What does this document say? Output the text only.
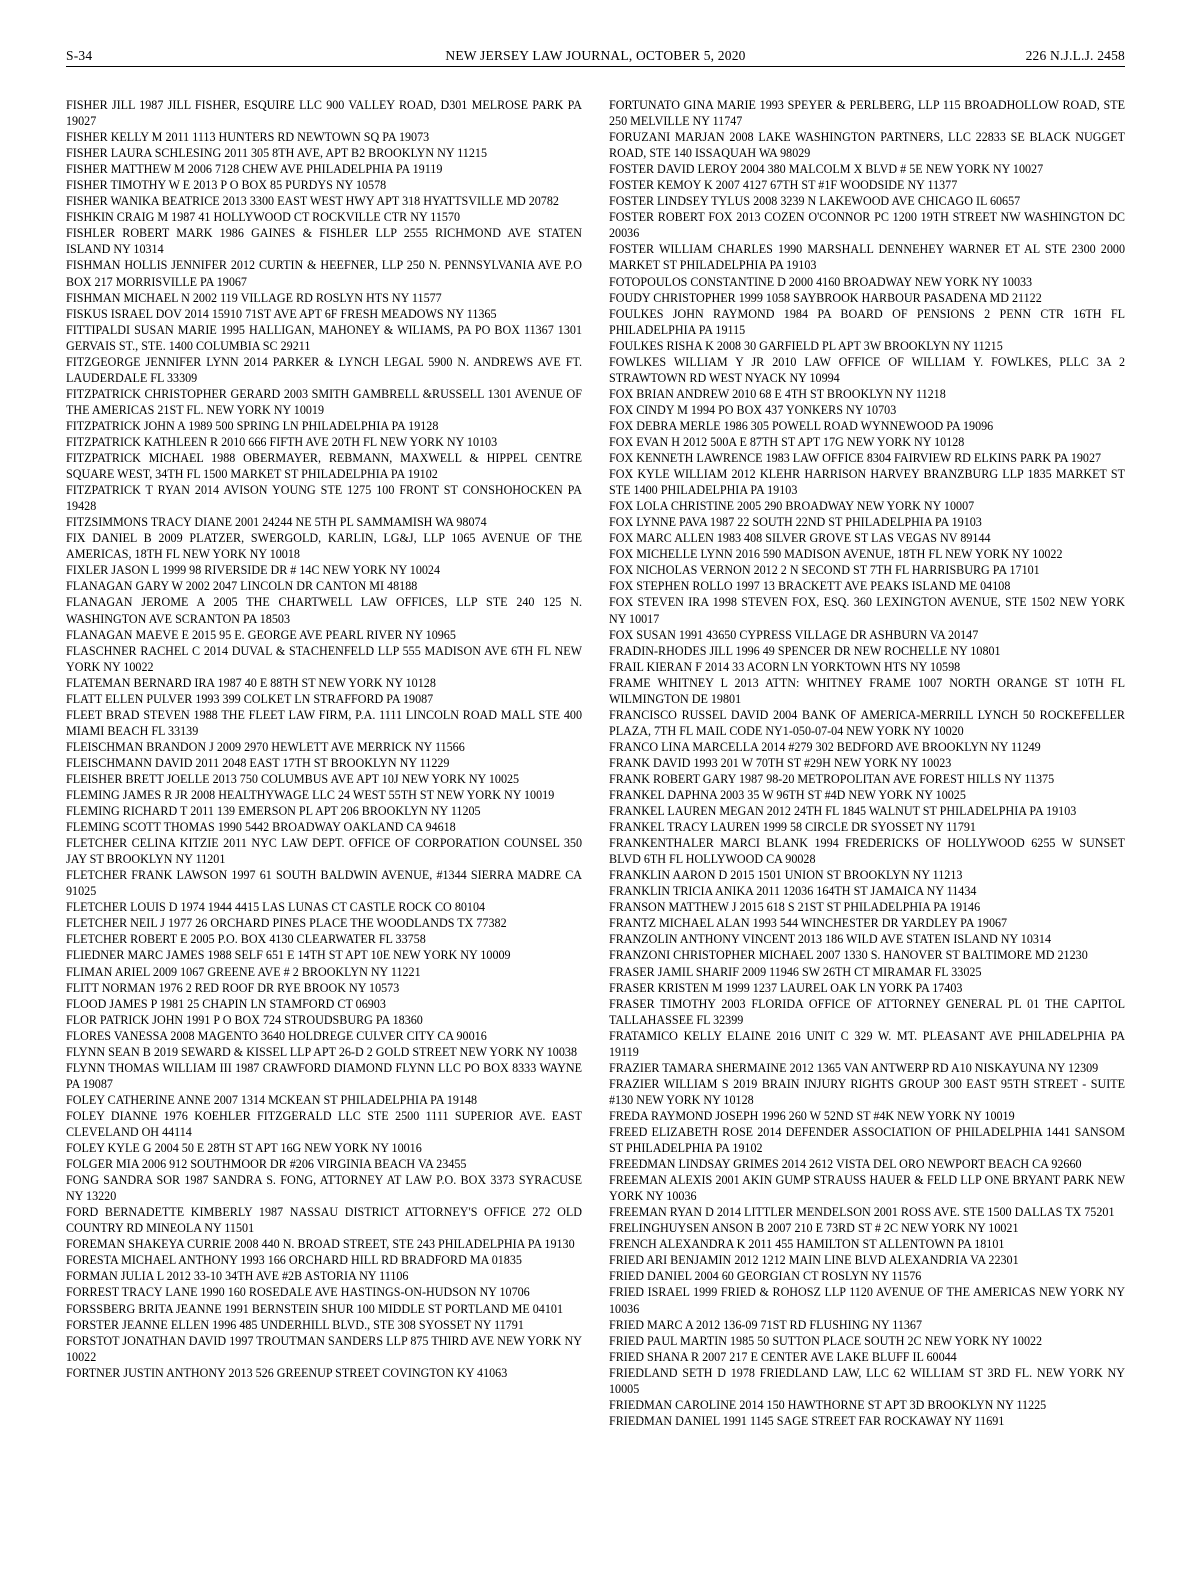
S-34	NEW JERSEY LAW JOURNAL, OCTOBER 5, 2020	226 N.J.L.J. 2458

FISHER JILL 1987 JILL FISHER, ESQUIRE LLC 900 VALLEY ROAD, D301 MELROSE PARK PA 19027

FISHER KELLY M 2011 1113 HUNTERS RD NEWTOWN SQ PA 19073

FISHER LAURA SCHLESING 2011 305 8TH AVE, APT B2 BROOKLYN NY 11215

FISHER MATTHEW M 2006 7128 CHEW AVE PHILADELPHIA PA 19119

FISHER TIMOTHY W E 2013 P O BOX 85 PURDYS NY 10578

FISHER WANIKA BEATRICE 2013 3300 EAST WEST HWY APT 318 HYATTSVILLE MD 20782

FISHKIN CRAIG M 1987 41 HOLLYWOOD CT ROCKVILLE CTR NY 11570

FISHLER ROBERT MARK 1986 GAINES & FISHLER LLP 2555 RICHMOND AVE STATEN ISLAND NY 10314

FISHMAN HOLLIS JENNIFER 2012 CURTIN & HEEFNER, LLP 250 N. PENNSYLVANIA AVE P.O BOX 217 MORRISVILLE PA 19067

FISHMAN MICHAEL N 2002 119 VILLAGE RD ROSLYN HTS NY 11577

FISKUS ISRAEL DOV 2014 15910 71ST AVE APT 6F FRESH MEADOWS NY 11365

FITTIPALDI SUSAN MARIE 1995 HALLIGAN, MAHONEY & WILIAMS, PA PO BOX 11367 1301 GERVAIS ST., STE. 1400 COLUMBIA SC 29211

FITZGEORGE JENNIFER LYNN 2014 PARKER & LYNCH LEGAL 5900 N. ANDREWS AVE FT. LAUDERDALE FL 33309

FITZPATRICK CHRISTOPHER GERARD 2003 SMITH GAMBRELL &RUSSELL 1301 AVENUE OF THE AMERICAS 21ST FL. NEW YORK NY 10019

FITZPATRICK JOHN A 1989 500 SPRING LN PHILADELPHIA PA 19128

FITZPATRICK KATHLEEN R 2010 666 FIFTH AVE 20TH FL NEW YORK NY 10103

FITZPATRICK MICHAEL 1988 OBERMAYER, REBMANN, MAXWELL & HIPPEL CENTRE SQUARE WEST, 34TH FL 1500 MARKET ST PHILADELPHIA PA 19102

FITZPATRICK T RYAN 2014 AVISON YOUNG STE 1275 100 FRONT ST CONSHOHOCKEN PA 19428

FITZSIMMONS TRACY DIANE 2001 24244 NE 5TH PL SAMMAMISH WA 98074

FIX DANIEL B 2009 PLATZER, SWERGOLD, KARLIN, LG&J, LLP 1065 AVENUE OF THE AMERICAS, 18TH FL NEW YORK NY 10018

FIXLER JASON L 1999 98 RIVERSIDE DR # 14C NEW YORK NY 10024

FLANAGAN GARY W 2002 2047 LINCOLN DR CANTON MI 48188

FLANAGAN JEROME A 2005 THE CHARTWELL LAW OFFICES, LLP STE 240 125 N. WASHINGTON AVE SCRANTON PA 18503

FLANAGAN MAEVE E 2015 95 E. GEORGE AVE PEARL RIVER NY 10965

FLASCHNER RACHEL C 2014 DUVAL & STACHENFELD LLP 555 MADISON AVE 6TH FL NEW YORK NY 10022

FLATEMAN BERNARD IRA 1987 40 E 88TH ST NEW YORK NY 10128

FLATT ELLEN PULVER 1993 399 COLKET LN STRAFFORD PA 19087

FLEET BRAD STEVEN 1988 THE FLEET LAW FIRM, P.A. 1111 LINCOLN ROAD MALL STE 400 MIAMI BEACH FL 33139

FLEISCHMAN BRANDON J 2009 2970 HEWLETT AVE MERRICK NY 11566

FLEISCHMANN DAVID 2011 2048 EAST 17TH ST BROOKLYN NY 11229

FLEISHER BRETT JOELLE 2013 750 COLUMBUS AVE APT 10J NEW YORK NY 10025

FLEMING JAMES R JR 2008 HEALTHYWAGE LLC 24 WEST 55TH ST NEW YORK NY 10019

FLEMING RICHARD T 2011 139 EMERSON PL APT 206 BROOKLYN NY 11205

FLEMING SCOTT THOMAS 1990 5442 BROADWAY OAKLAND CA 94618

FLETCHER CELINA KITZIE 2011 NYC LAW DEPT. OFFICE OF CORPORATION COUNSEL 350 JAY ST BROOKLYN NY 11201

FLETCHER FRANK LAWSON 1997 61 SOUTH BALDWIN AVENUE, #1344 SIERRA MADRE CA 91025

FLETCHER LOUIS D 1974 1944 4415 LAS LUNAS CT CASTLE ROCK CO 80104

FLETCHER NEIL J 1977 26 ORCHARD PINES PLACE THE WOODLANDS TX 77382

FLETCHER ROBERT E 2005 P.O. BOX 4130 CLEARWATER FL 33758

FLIEDNER MARC JAMES 1988 SELF 651 E 14TH ST APT 10E NEW YORK NY 10009

FLIMAN ARIEL 2009 1067 GREENE AVE # 2 BROOKLYN NY 11221

FLITT NORMAN 1976 2 RED ROOF DR RYE BROOK NY 10573

FLOOD JAMES P 1981 25 CHAPIN LN STAMFORD CT 06903

FLOR PATRICK JOHN 1991 P O BOX 724 STROUDSBURG PA 18360

FLORES VANESSA 2008 MAGENTO 3640 HOLDREGE CULVER CITY CA 90016

FLYNN SEAN B 2019 SEWARD & KISSEL LLP APT 26-D 2 GOLD STREET NEW YORK NY 10038

FLYNN THOMAS WILLIAM III 1987 CRAWFORD DIAMOND FLYNN LLC PO BOX 8333 WAYNE PA 19087

FOLEY CATHERINE ANNE 2007 1314 MCKEAN ST PHILADELPHIA PA 19148

FOLEY DIANNE 1976 KOEHLER FITZGERALD LLC STE 2500 1111 SUPERIOR AVE. EAST CLEVELAND OH 44114

FOLEY KYLE G 2004 50 E 28TH ST APT 16G NEW YORK NY 10016

FOLGER MIA 2006 912 SOUTHMOOR DR #206 VIRGINIA BEACH VA 23455

FONG SANDRA SOR 1987 SANDRA S. FONG, ATTORNEY AT LAW P.O. BOX 3373 SYRACUSE NY 13220

FORD BERNADETTE KIMBERLY 1987 NASSAU DISTRICT ATTORNEY'S OFFICE 272 OLD COUNTRY RD MINEOLA NY 11501

FOREMAN SHAKEYA CURRIE 2008 440 N. BROAD STREET, STE 243 PHILADELPHIA PA 19130

FORESTA MICHAEL ANTHONY 1993 166 ORCHARD HILL RD BRADFORD MA 01835

FORMAN JULIA L 2012 33-10 34TH AVE #2B ASTORIA NY 11106

FORREST TRACY LANE 1990 160 ROSEDALE AVE HASTINGS-ON-HUDSON NY 10706

FORSSBERG BRITA JEANNE 1991 BERNSTEIN SHUR 100 MIDDLE ST PORTLAND ME 04101

FORSTER JEANNE ELLEN 1996 485 UNDERHILL BLVD., STE 308 SYOSSET NY 11791

FORSTOT JONATHAN DAVID 1997 TROUTMAN SANDERS LLP 875 THIRD AVE NEW YORK NY 10022

FORTNER JUSTIN ANTHONY 2013 526 GREENUP STREET COVINGTON KY 41063

FORTUNATO GINA MARIE 1993 SPEYER & PERLBERG, LLP 115 BROADHOLLOW ROAD, STE 250 MELVILLE NY 11747

FORUZANI MARJAN 2008 LAKE WASHINGTON PARTNERS, LLC 22833 SE BLACK NUGGET ROAD, STE 140 ISSAQUAH WA 98029

FOSTER DAVID LEROY 2004 380 MALCOLM X BLVD # 5E NEW YORK NY 10027

FOSTER KEMOY K 2007 4127 67TH ST #1F WOODSIDE NY 11377

FOSTER LINDSEY TYLUS 2008 3239 N LAKEWOOD AVE CHICAGO IL 60657

FOSTER ROBERT FOX 2013 COZEN O'CONNOR PC 1200 19TH STREET NW WASHINGTON DC 20036

FOSTER WILLIAM CHARLES 1990 MARSHALL DENNEHEY WARNER ET AL STE 2300 2000 MARKET ST PHILADELPHIA PA 19103

FOTOPOULOS CONSTANTINE D 2000 4160 BROADWAY NEW YORK NY 10033

FOUDY CHRISTOPHER 1999 1058 SAYBROOK HARBOUR PASADENA MD 21122

FOULKES JOHN RAYMOND 1984 PA BOARD OF PENSIONS 2 PENN CTR 16TH FL PHILADELPHIA PA 19115

FOULKES RISHA K 2008 30 GARFIELD PL APT 3W BROOKLYN NY 11215

FOWLKES WILLIAM Y JR 2010 LAW OFFICE OF WILLIAM Y. FOWLKES, PLLC 3A 2 STRAWTOWN RD WEST NYACK NY 10994

FOX BRIAN ANDREW 2010 68 E 4TH ST BROOKLYN NY 11218

FOX CINDY M 1994 PO BOX 437 YONKERS NY 10703

FOX DEBRA MERLE 1986 305 POWELL ROAD WYNNEWOOD PA 19096

FOX EVAN H 2012 500A E 87TH ST APT 17G NEW YORK NY 10128

FOX KENNETH LAWRENCE 1983 LAW OFFICE 8304 FAIRVIEW RD ELKINS PARK PA 19027

FOX KYLE WILLIAM 2012 KLEHR HARRISON HARVEY BRANZBURG LLP 1835 MARKET ST STE 1400 PHILADELPHIA PA 19103

FOX LOLA CHRISTINE 2005 290 BROADWAY NEW YORK NY 10007

FOX LYNNE PAVA 1987 22 SOUTH 22ND ST PHILADELPHIA PA 19103

FOX MARC ALLEN 1983 408 SILVER GROVE ST LAS VEGAS NV 89144

FOX MICHELLE LYNN 2016 590 MADISON AVENUE, 18TH FL NEW YORK NY 10022

FOX NICHOLAS VERNON 2012 2 N SECOND ST 7TH FL HARRISBURG PA 17101

FOX STEPHEN ROLLO 1997 13 BRACKETT AVE PEAKS ISLAND ME 04108

FOX STEVEN IRA 1998 STEVEN FOX, ESQ. 360 LEXINGTON AVENUE, STE 1502 NEW YORK NY 10017

FOX SUSAN 1991 43650 CYPRESS VILLAGE DR ASHBURN VA 20147

FRADIN-RHODES JILL 1996 49 SPENCER DR NEW ROCHELLE NY 10801

FRAIL KIERAN F 2014 33 ACORN LN YORKTOWN HTS NY 10598

FRAME WHITNEY L 2013 ATTN: WHITNEY FRAME 1007 NORTH ORANGE ST 10TH FL WILMINGTON DE 19801

FRANCISCO RUSSEL DAVID 2004 BANK OF AMERICA-MERRILL LYNCH 50 ROCKEFELLER PLAZA, 7TH FL MAIL CODE NY1-050-07-04 NEW YORK NY 10020

FRANCO LINA MARCELLA 2014 #279 302 BEDFORD AVE BROOKLYN NY 11249

FRANK DAVID 1993 201 W 70TH ST #29H NEW YORK NY 10023

FRANK ROBERT GARY 1987 98-20 METROPOLITAN AVE FOREST HILLS NY 11375

FRANKEL DAPHNA 2003 35 W 96TH ST #4D NEW YORK NY 10025

FRANKEL LAUREN MEGAN 2012 24TH FL 1845 WALNUT ST PHILADELPHIA PA 19103

FRANKEL TRACY LAUREN 1999 58 CIRCLE DR SYOSSET NY 11791

FRANKENTHALER MARCI BLANK 1994 FREDERICKS OF HOLLYWOOD 6255 W SUNSET BLVD 6TH FL HOLLYWOOD CA 90028

FRANKLIN AARON D 2015 1501 UNION ST BROOKLYN NY 11213

FRANKLIN TRICIA ANIKA 2011 12036 164TH ST JAMAICA NY 11434

FRANSON MATTHEW J 2015 618 S 21ST ST PHILADELPHIA PA 19146

FRANTZ MICHAEL ALAN 1993 544 WINCHESTER DR YARDLEY PA 19067

FRANZOLIN ANTHONY VINCENT 2013 186 WILD AVE STATEN ISLAND NY 10314

FRANZONI CHRISTOPHER MICHAEL 2007 1330 S. HANOVER ST BALTIMORE MD 21230

FRASER JAMIL SHARIF 2009 11946 SW 26TH CT MIRAMAR FL 33025

FRASER KRISTEN M 1999 1237 LAUREL OAK LN YORK PA 17403

FRASER TIMOTHY 2003 FLORIDA OFFICE OF ATTORNEY GENERAL PL 01 THE CAPITOL TALLAHASSEE FL 32399

FRATAMICO KELLY ELAINE 2016 UNIT C 329 W. MT. PLEASANT AVE PHILADELPHIA PA 19119

FRAZIER TAMARA SHERMAINE 2012 1365 VAN ANTWERP RD A10 NISKAYUNA NY 12309

FRAZIER WILLIAM S 2019 BRAIN INJURY RIGHTS GROUP 300 EAST 95TH STREET - SUITE #130 NEW YORK NY 10128

FREDA RAYMOND JOSEPH 1996 260 W 52ND ST #4K NEW YORK NY 10019

FREED ELIZABETH ROSE 2014 DEFENDER ASSOCIATION OF PHILADELPHIA 1441 SANSOM ST PHILADELPHIA PA 19102

FREEDMAN LINDSAY GRIMES 2014 2612 VISTA DEL ORO NEWPORT BEACH CA 92660

FREEMAN ALEXIS 2001 AKIN GUMP STRAUSS HAUER & FELD LLP ONE BRYANT PARK NEW YORK NY 10036

FREEMAN RYAN D 2014 LITTLER MENDELSON 2001 ROSS AVE. STE 1500 DALLAS TX 75201

FRELINGHUYSEN ANSON B 2007 210 E 73RD ST # 2C NEW YORK NY 10021

FRENCH ALEXANDRA K 2011 455 HAMILTON ST ALLENTOWN PA 18101

FRIED ARI BENJAMIN 2012 1212 MAIN LINE BLVD ALEXANDRIA VA 22301

FRIED DANIEL 2004 60 GEORGIAN CT ROSLYN NY 11576

FRIED ISRAEL 1999 FRIED & ROHOSZ LLP 1120 AVENUE OF THE AMERICAS NEW YORK NY 10036

FRIED MARC A 2012 136-09 71ST RD FLUSHING NY 11367

FRIED PAUL MARTIN 1985 50 SUTTON PLACE SOUTH 2C NEW YORK NY 10022

FRIED SHANA R 2007 217 E CENTER AVE LAKE BLUFF IL 60044

FRIEDLAND SETH D 1978 FRIEDLAND LAW, LLC 62 WILLIAM ST 3RD FL. NEW YORK NY 10005

FRIEDMAN CAROLINE 2014 150 HAWTHORNE ST APT 3D BROOKLYN NY 11225

FRIEDMAN DANIEL 1991 1145 SAGE STREET FAR ROCKAWAY NY 11691
